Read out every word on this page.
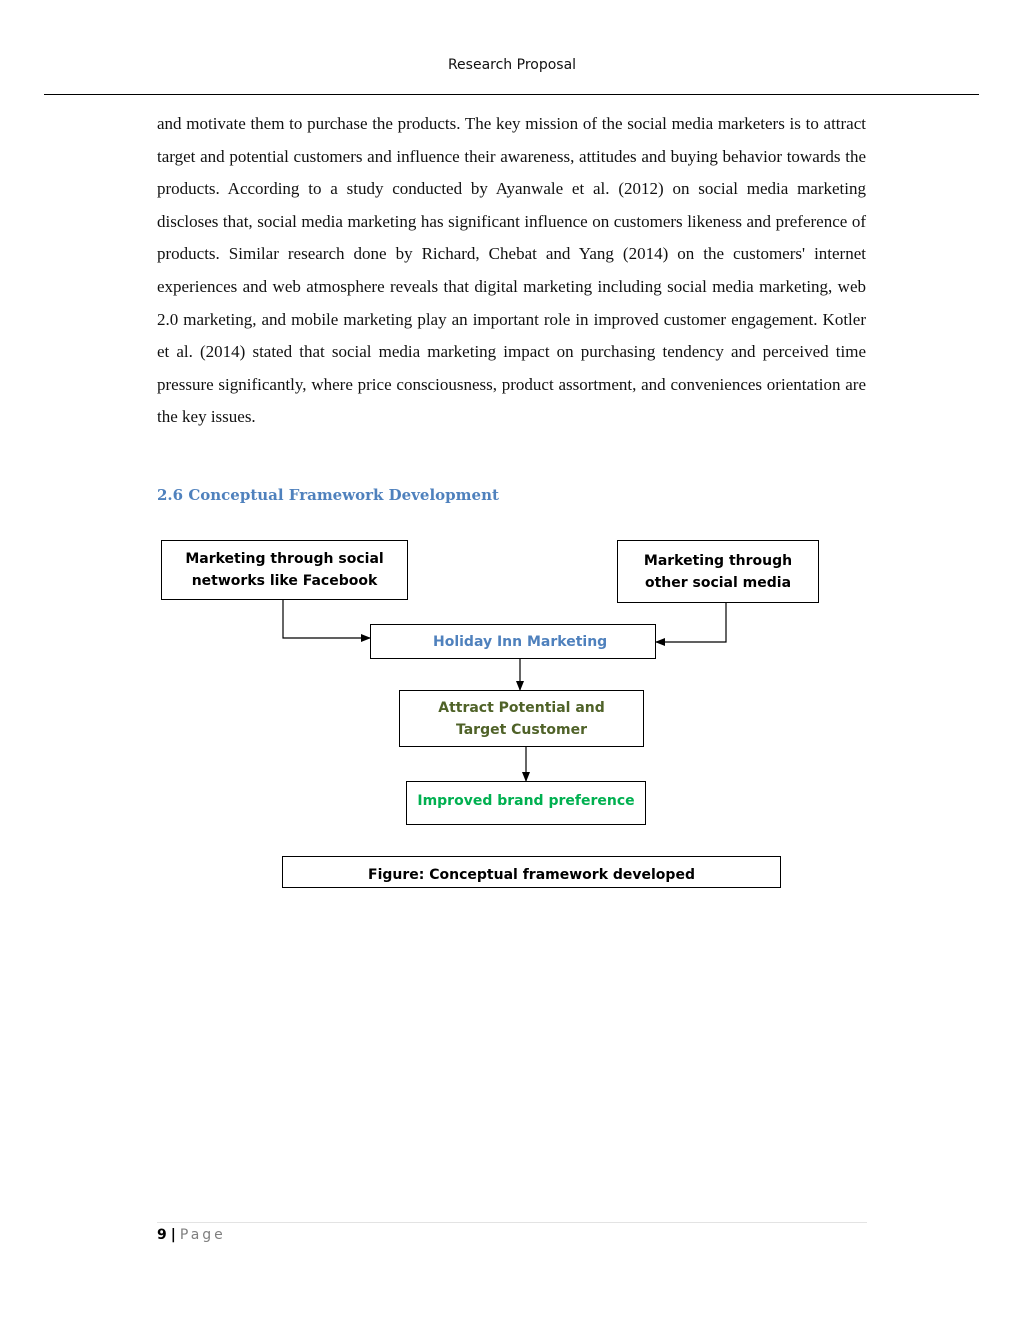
Research Proposal

and motivate them to purchase the products. The key mission of the social media marketers is to attract target and potential customers and influence their awareness, attitudes and buying behavior towards the products. According to a study conducted by Ayanwale et al. (2012) on social media marketing discloses that, social media marketing has significant influence on customers likeness and preference of products. Similar research done by Richard, Chebat and Yang (2014) on the customers' internet experiences and web atmosphere reveals that digital marketing including social media marketing, web 2.0 marketing, and mobile marketing play an important role in improved customer engagement. Kotler et al. (2014) stated that social media marketing impact on purchasing tendency and perceived time pressure significantly, where price consciousness, product assortment, and conveniences orientation are the key issues.

2.6 Conceptual Framework Development
Marketing through social networks like Facebook
Marketing through other social media
Holiday Inn Marketing
Attract Potential and Target Customer
Improved brand preference
Figure: Conceptual framework developed
9 | Page
